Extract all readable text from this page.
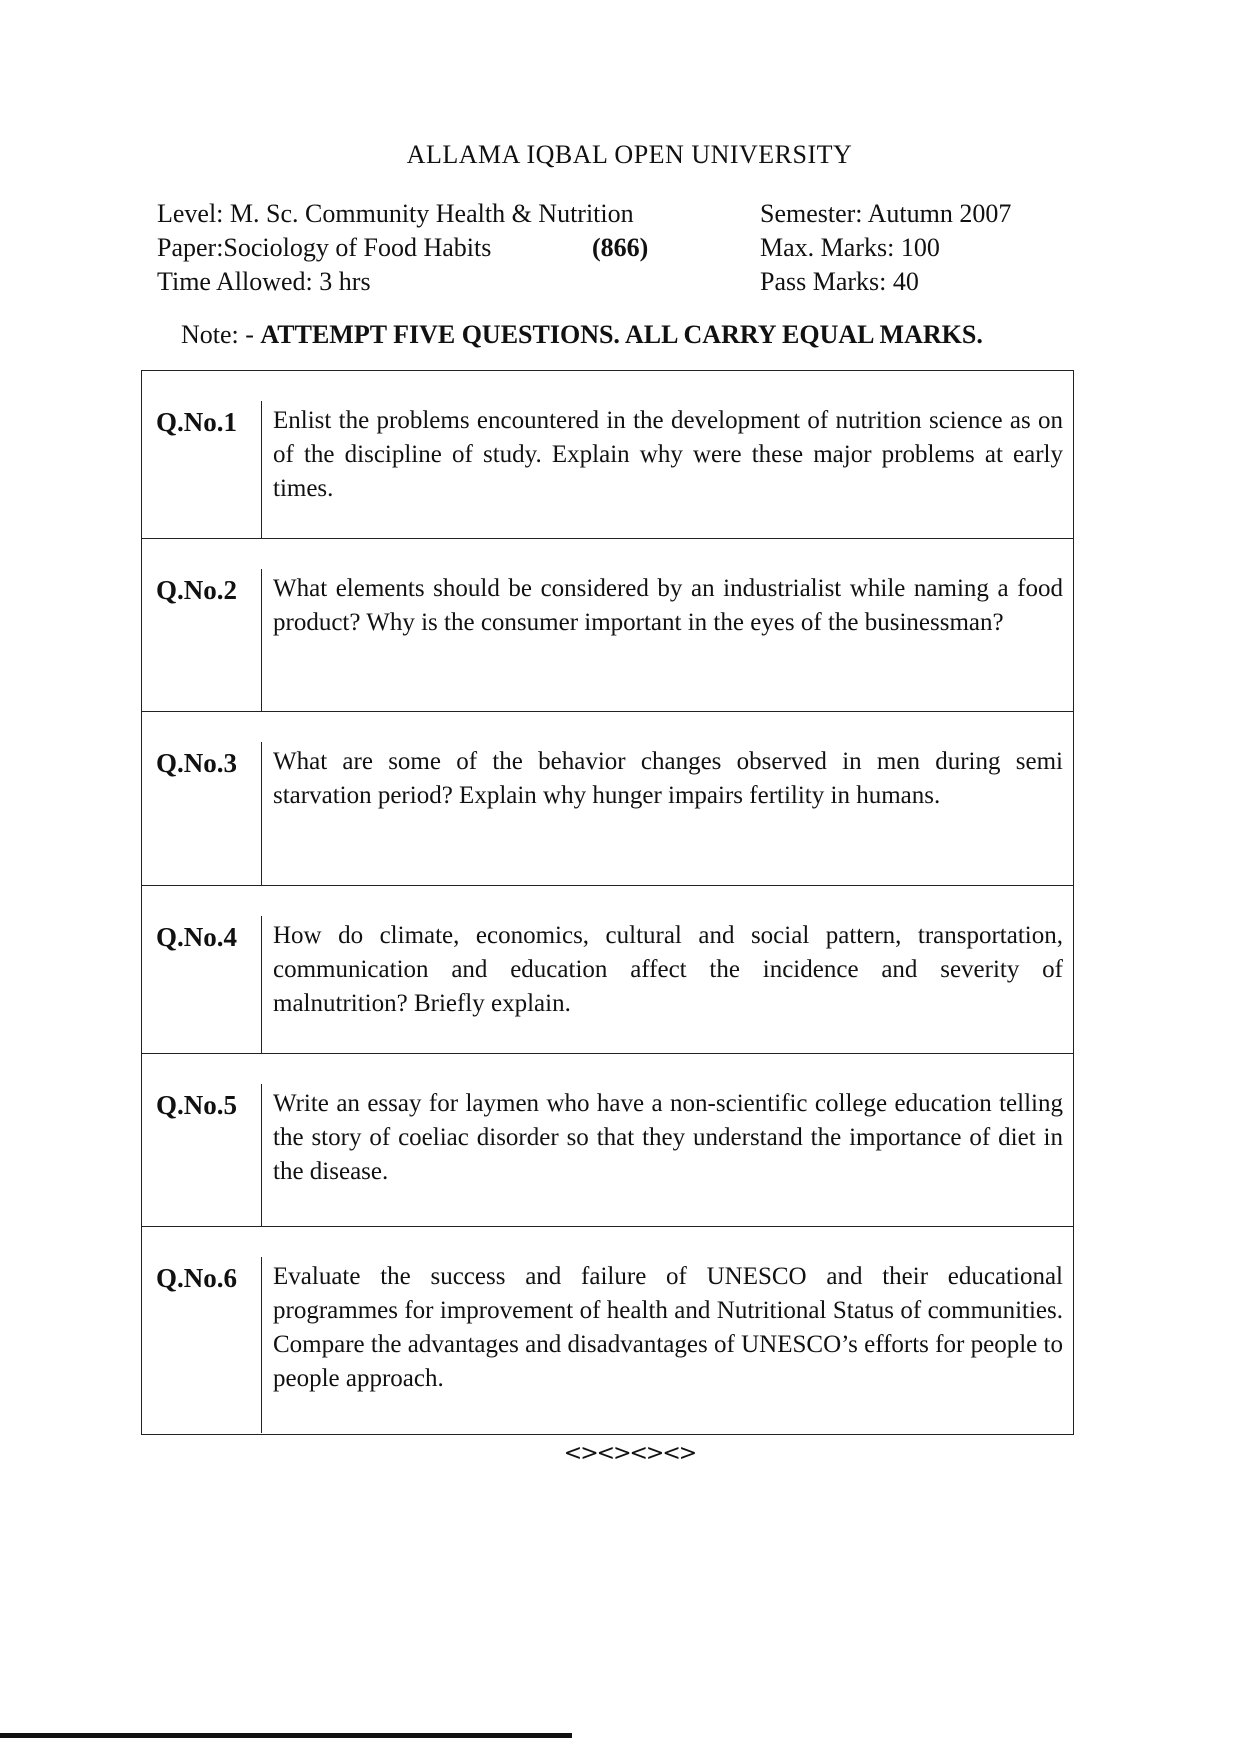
ALLAMA IQBAL OPEN UNIVERSITY
Level: M. Sc. Community Health & Nutrition
Paper:Sociology of Food Habits	(866)
Time Allowed: 3 hrs
Semester: Autumn 2007
Max. Marks: 100
Pass Marks: 40
Note: - ATTEMPT FIVE QUESTIONS. ALL CARRY EQUAL MARKS.
Q.No.1 Enlist the problems encountered in the development of nutrition science as on of the discipline of study. Explain why were these major problems at early times.
Q.No.2 What elements should be considered by an industrialist while naming a food product? Why is the consumer important in the eyes of the businessman?
Q.No.3 What are some of the behavior changes observed in men during semi starvation period? Explain why hunger impairs fertility in humans.
Q.No.4 How do climate, economics, cultural and social pattern, transportation, communication and education affect the incidence and severity of malnutrition? Briefly explain.
Q.No.5 Write an essay for laymen who have a non-scientific college education telling the story of coeliac disorder so that they understand the importance of diet in the disease.
Q.No.6 Evaluate the success and failure of UNESCO and their educational programmes for improvement of health and Nutritional Status of communities. Compare the advantages and disadvantages of UNESCO’s efforts for people to people approach.
<><><><>
